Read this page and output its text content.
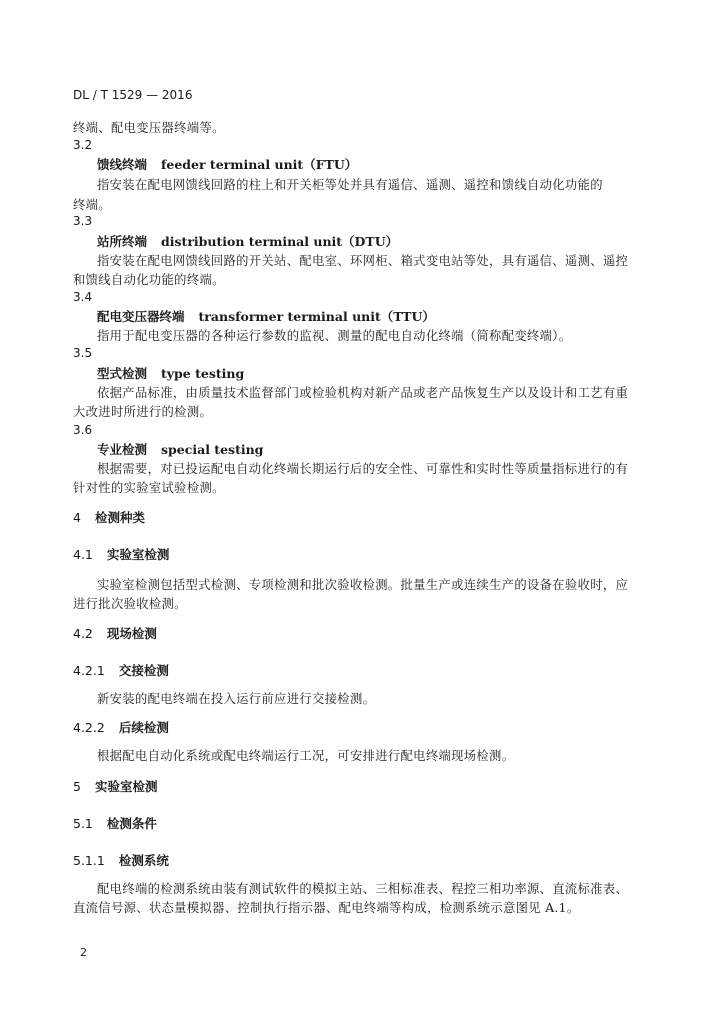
DL / T 1529 — 2016
终端、配电变压器终端等。
3.2
馈线终端 feeder terminal unit（FTU）
指安装在配电网馈线回路的柱上和开关柜等处并具有遥信、遥测、遥控和馈线自动化功能的
终端。
3.3
站所终端 distribution terminal unit（DTU）
指安装在配电网馈线回路的开关站、配电室、环网柜、箱式变电站等处，具有遥信、遥测、遥控
和馈线自动化功能的终端。
3.4
配电变压器终端 transformer terminal unit（TTU）
指用于配电变压器的各种运行参数的监视、测量的配电自动化终端（简称配变终端）。
3.5
型式检测 type testing
依据产品标准，由质量技术监督部门或检验机构对新产品或老产品恢复生产以及设计和工艺有重
大改进时所进行的检测。
3.6
专业检测 special testing
根据需要，对已投运配电自动化终端长期运行后的安全性、可靠性和实时性等质量指标进行的有
针对性的实验室试验检测。
4 检测种类
4.1 实验室检测
实验室检测包括型式检测、专项检测和批次验收检测。批量生产或连续生产的设备在验收时，应
进行批次验收检测。
4.2 现场检测
4.2.1 交接检测
新安装的配电终端在投入运行前应进行交接检测。
4.2.2 后续检测
根据配电自动化系统或配电终端运行工况，可安排进行配电终端现场检测。
5 实验室检测
5.1 检测条件
5.1.1 检测系统
配电终端的检测系统由装有测试软件的模拟主站、三相标准表、程控三相功率源、直流标准表、
直流信号源、状态量模拟器、控制执行指示器、配电终端等构成，检测系统示意图见 A.1。
2
